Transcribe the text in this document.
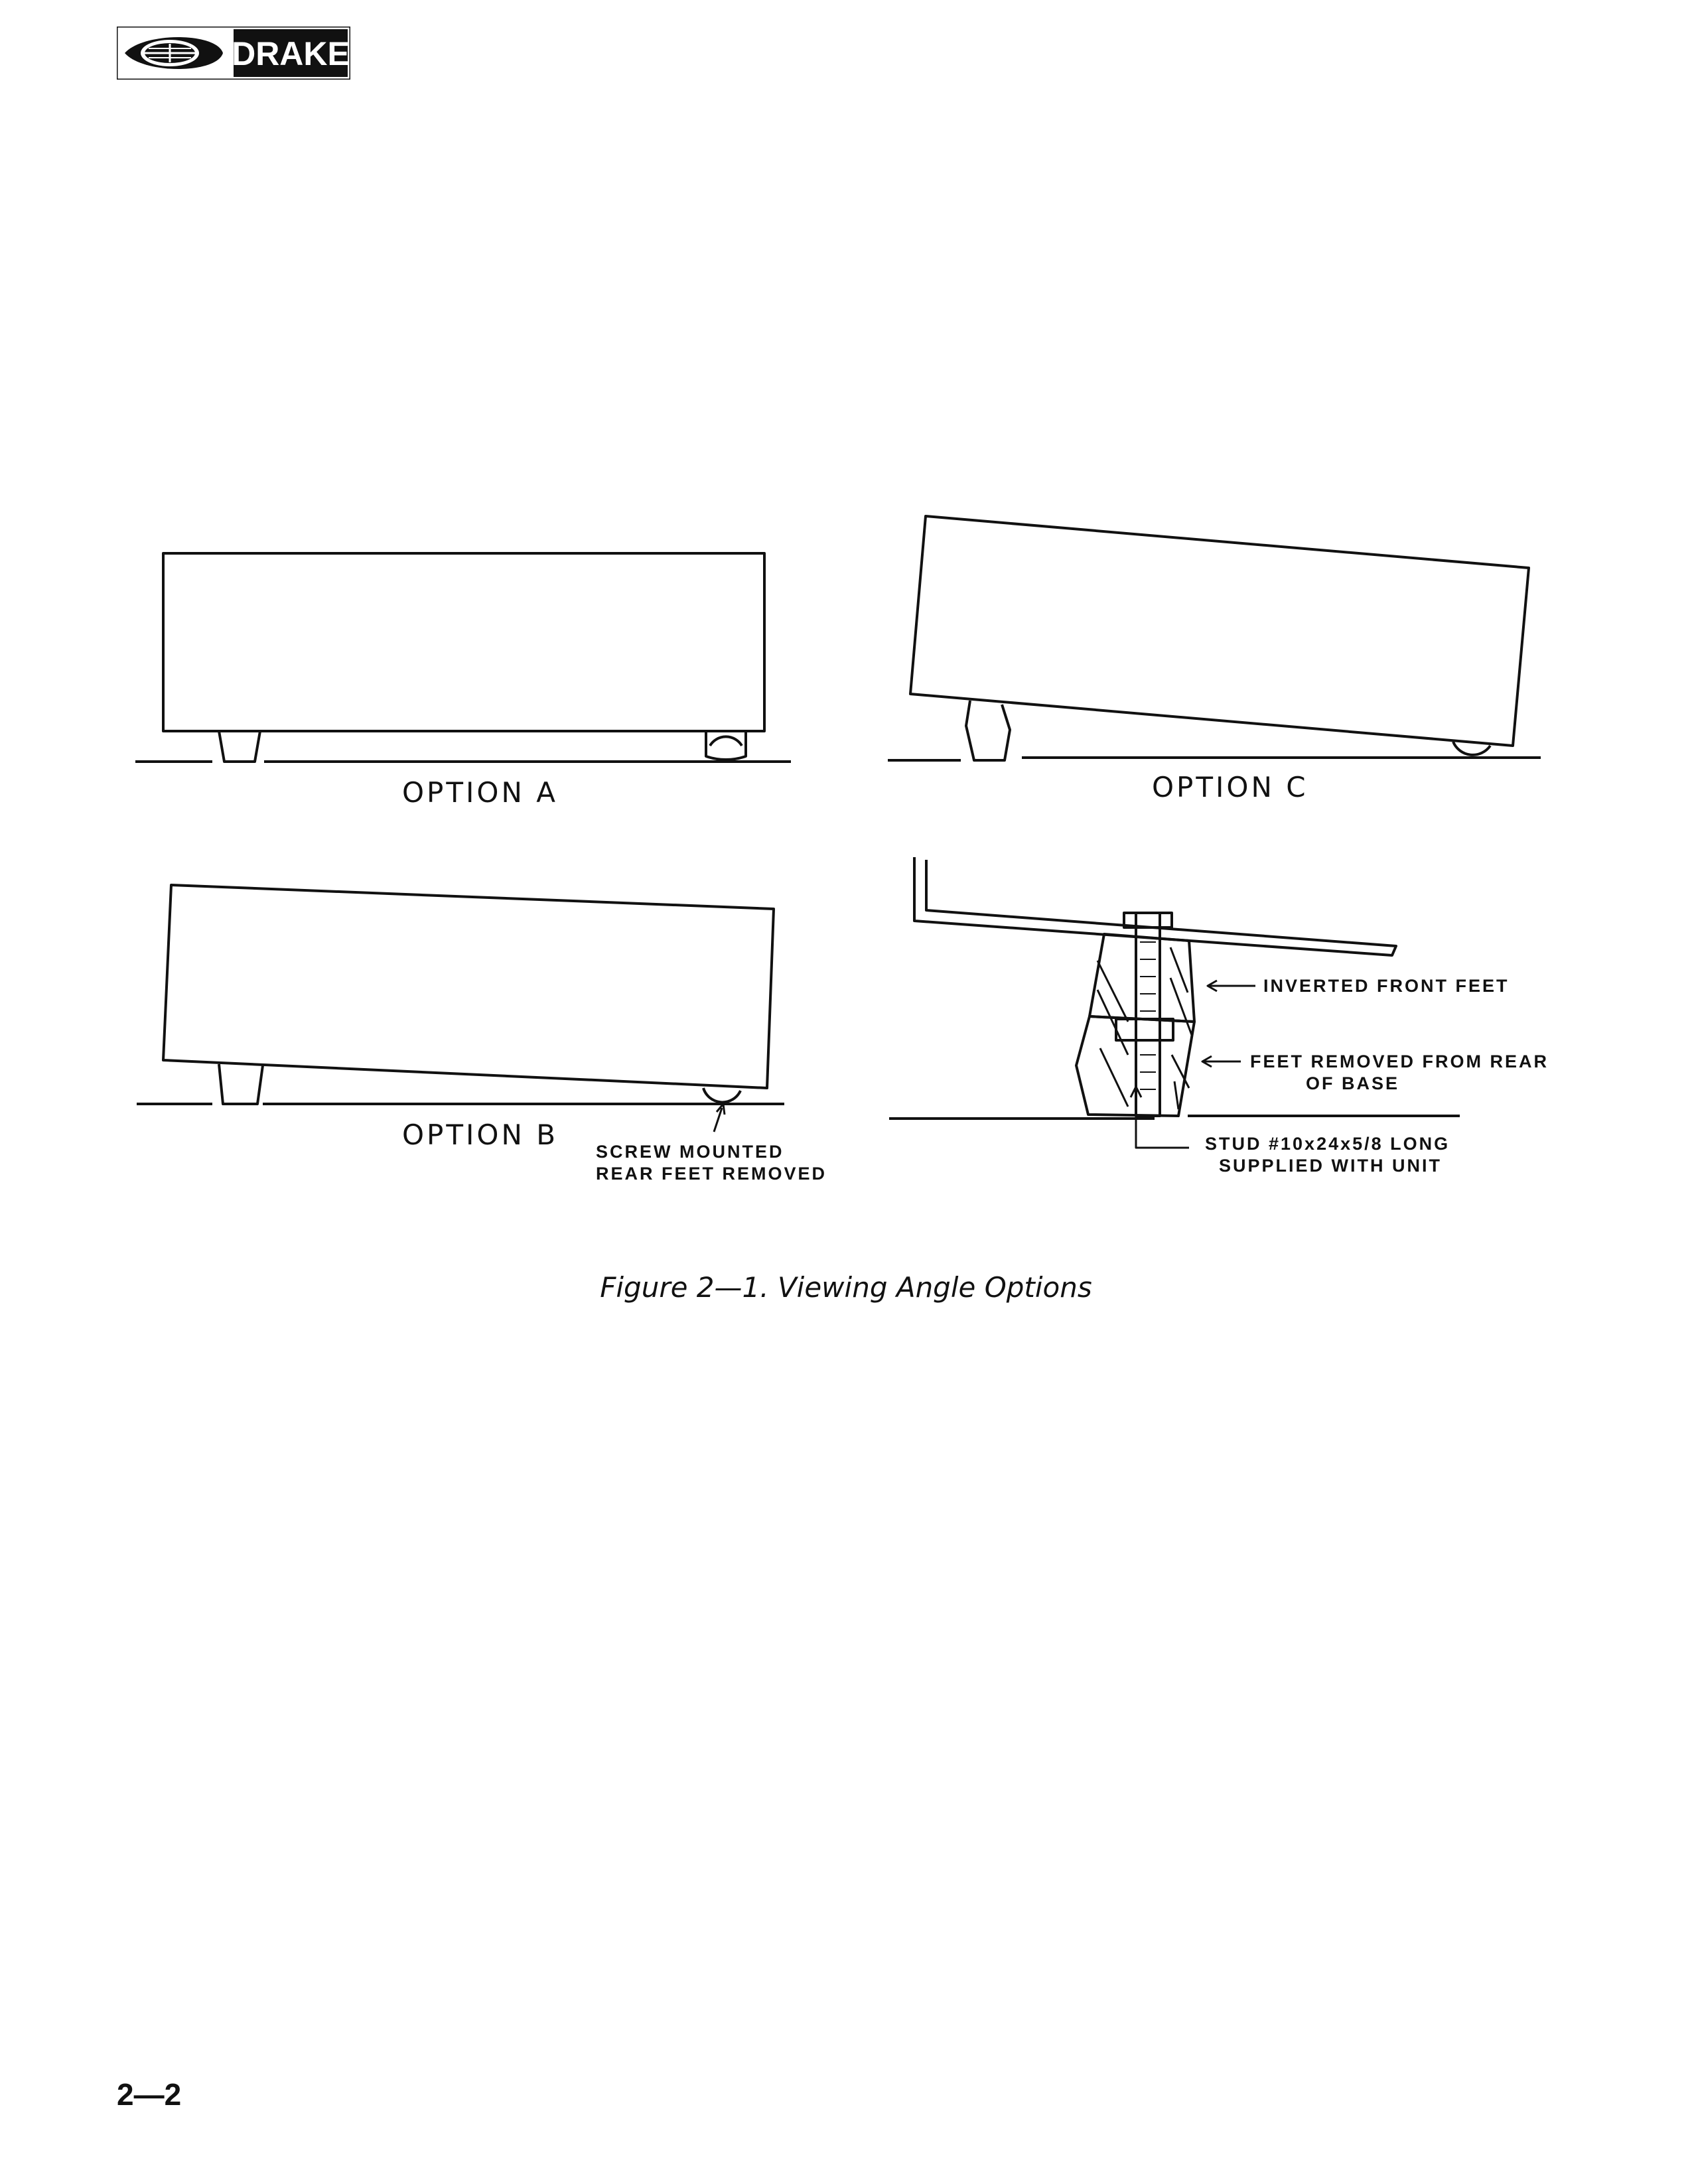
DRAKE
OPTION A	OPTION C
OPTION B
SCREW MOUNTED
REAR FEET REMOVED
INVERTED FRONT FEET
FEET REMOVED FROM REAR
OF BASE
STUD #10x24x5/8 LONG
SUPPLIED WITH UNIT
Figure 2—1. Viewing Angle Options
2—2
